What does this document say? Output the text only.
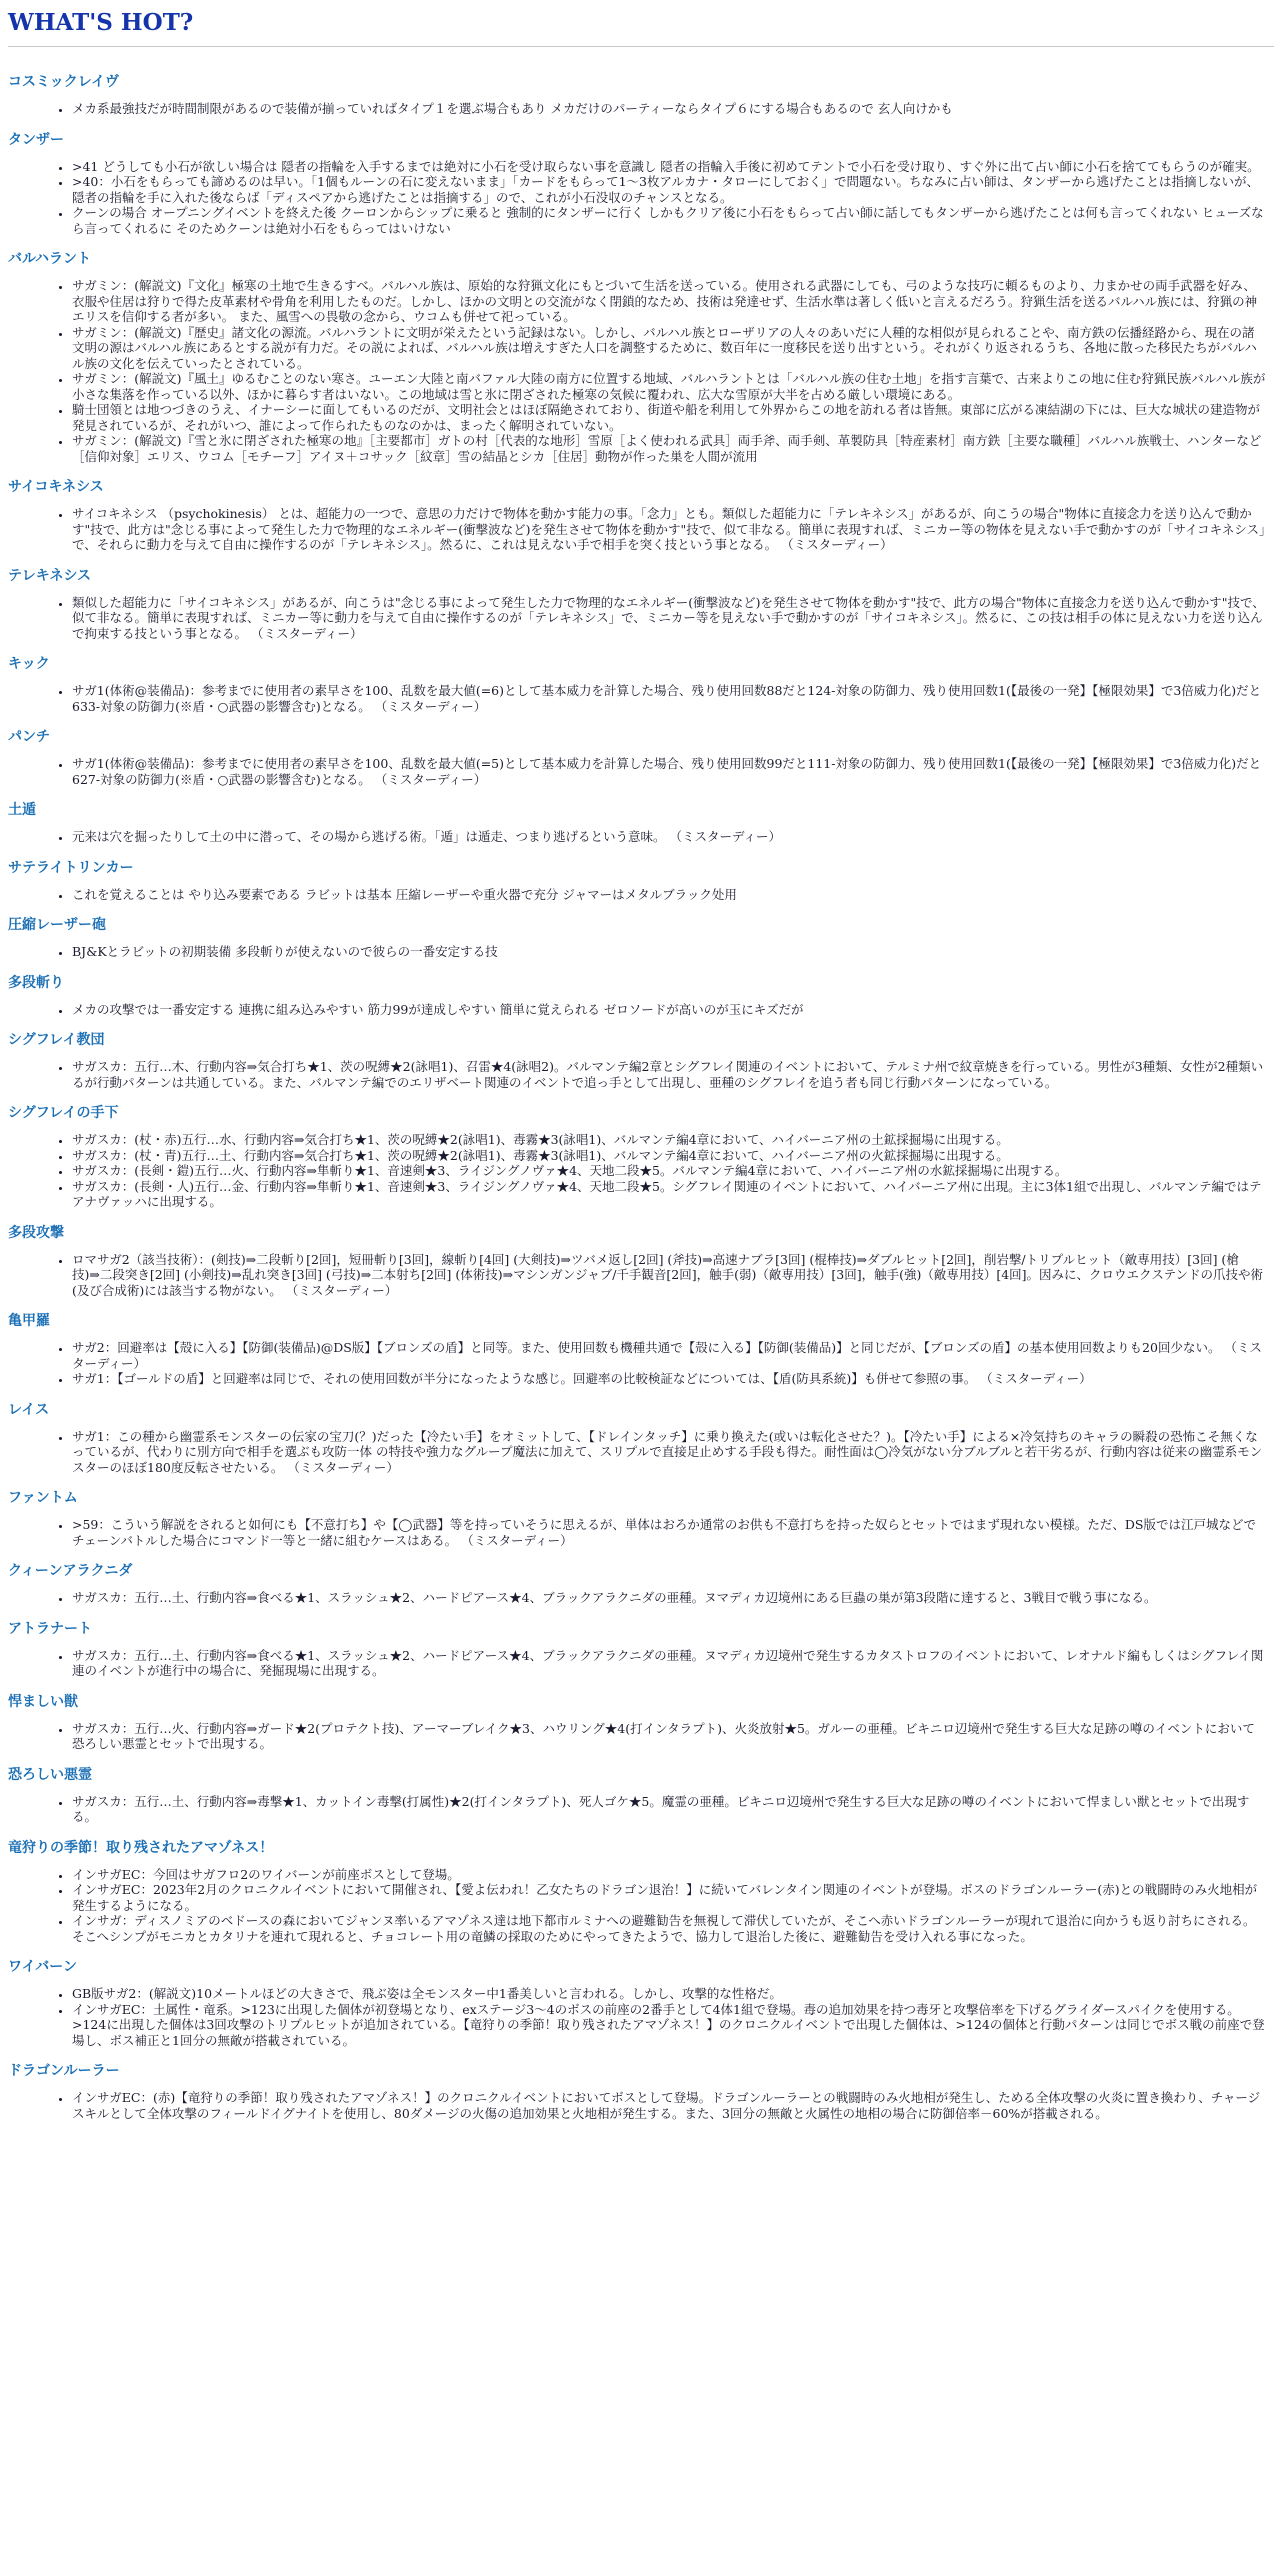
WHAT'S HOT?
コスミックレイヴ
• メカ系最強技だが時間制限があるので装備が揃っていればタイプ１を選ぶ場合もあり メカだけのパーティーならタイプ６にする場合もあるので 玄人向けかも
タンザー
• >41 どうしても小石が欲しい場合は 隠者の指輪を入手するまでは絶対に小石を受け取らない事を意識し 隠者の指輪入手後に初めてテントで小石を受け取り、すぐ外に出て占い師に小石を捨ててもらうのが確実。
• >40：小石をもらっても諦めるのは早い。「1個もルーンの石に変えないまま」「カードをもらって1～3枚アルカナ・タローにしておく」で問題ない。ちなみに占い師は、タンザーから逃げたことは指摘しないが、隠者の指輪を手に入れた後ならば「ディスペアから逃げたことは指摘する」ので、これが小石没収のチャンスとなる。
• クーンの場合 オープニングイベントを終えた後 クーロンからシップに乗ると 強制的にタンザーに行く しかもクリア後に小石をもらって占い師に話してもタンザーから逃げたことは何も言ってくれない ヒューズなら言ってくれるに そのためクーンは絶対小石をもらってはいけない
バルハラント
• サガミン：(解説文)『文化』極寒の土地で生きるすべ。バルハル族は、原始的な狩猟文化にもとづいて生活を送っている。使用される武器にしても、弓のような技巧に頼るものより、力まかせの両手武器を好み、衣服や住居は狩りで得た皮革素材や骨角を利用したものだ。しかし、ほかの文明との交流がなく閉鎖的なため、技術は発達せず、生活水準は著しく低いと言えるだろう。狩猟生活を送るバルハル族には、狩猟の神エリスを信仰する者が多い。 また、風雪への畏敬の念から、ウコムも併せて祀っている。
• サガミン：(解説文)『歴史』諸文化の源流。バルハラントに文明が栄えたという記録はない。しかし、バルハル族とローザリアの人々のあいだに人種的な相似が見られることや、南方鉄の伝播経路から、現在の諸文明の源はバルハル族にあるとする説が有力だ。その説によれば、バルハル族は増えすぎた人口を調整するために、数百年に一度移民を送り出すという。それがくり返されるうち、各地に散った移民たちがバルハル族の文化を伝えていったとされている。
• サガミン：(解説文)『風土』ゆるむことのない寒さ。ユーエン大陸と南バファル大陸の南方に位置する地域、バルハラントとは「バルハル族の住む土地」を指す言葉で、古来よりこの地に住む狩猟民族バルハル族が小さな集落を作っている以外、ほかに暮らす者はいない。この地域は雪と氷に閉ざされた極寒の気候に覆われ、広大な雪原が大半を占める厳しい環境にある。
• 騎士団領とは地つづきのうえ、イナーシーに面してもいるのだが、文明社会とはほぼ隔絶されており、街道や船を利用して外界からこの地を訪れる者は皆無。東部に広がる凍結湖の下には、巨大な城状の建造物が発見されているが、それがいつ、誰によって作られたものなのかは、まったく解明されていない。
• サガミン：(解説文)『雪と氷に閉ざされた極寒の地』［主要都市］ガトの村［代表的な地形］雪原［よく使われる武具］両手斧、両手剣、革製防具［特産素材］南方鉄［主要な職種］バルハル族戦士、ハンターなど［信仰対象］エリス、ウコム［モチーフ］アイヌ＋コサック［紋章］雪の結晶とシカ［住居］動物が作った巣を人間が流用
サイコキネシス
• サイコキネシス （psychokinesis） とは、超能力の一つで、意思の力だけで物体を動かす能力の事。「念力」とも。類似した超能力に「テレキネシス」があるが、向こうの場合"物体に直接念力を送り込んで動かす"技で、此方は"念じる事によって発生した力で物理的なエネルギー(衝撃波など)を発生させて物体を動かす"技で、似て非なる。簡単に表現すれば、ミニカー等の物体を見えない手で動かすのが「サイコキネシス」で、それらに動力を与えて自由に操作するのが「テレキネシス」。然るに、これは見えない手で相手を突く技という事となる。 （ミスターディー）
テレキネシス
• 類似した超能力に「サイコキネシス」があるが、向こうは"念じる事によって発生した力で物理的なエネルギー(衝撃波など)を発生させて物体を動かす"技で、此方の場合"物体に直接念力を送り込んで動かす"技で、似て非なる。簡単に表現すれば、ミニカー等に動力を与えて自由に操作するのが「テレキネシス」で、ミニカー等を見えない手で動かすのが「サイコキネシス」。然るに、この技は相手の体に見えない力を送り込んで拘束する技という事となる。 （ミスターディー）
キック
• サガ1(体術@装備品)：参考までに使用者の素早さを100、乱数を最大値(=6)として基本威力を計算した場合、残り使用回数88だと124-対象の防御力、残り使用回数1(【最後の一発】【極限効果】で3倍威力化)だと633-対象の防御力(※盾・○武器の影響含む)となる。 （ミスターディー）
パンチ
• サガ1(体術@装備品)：参考までに使用者の素早さを100、乱数を最大値(=5)として基本威力を計算した場合、残り使用回数99だと111-対象の防御力、残り使用回数1(【最後の一発】【極限効果】で3倍威力化)だと627-対象の防御力(※盾・○武器の影響含む)となる。 （ミスターディー）
土遁
• 元来は穴を掘ったりして土の中に潜って、その場から逃げる術。「遁」は遁走、つまり逃げるという意味。 （ミスターディー）
サテライトリンカー
• これを覚えることは やり込み要素である ラビットは基本 圧縮レーザーや重火器で充分 ジャマーはメタルブラック处用
圧縮レーザー砲
• BJ&Kとラビットの初期装備 多段斬りが使えないので彼らの一番安定する技
多段斬り
• メカの攻撃では一番安定する 連携に組み込みやすい 筋力99が達成しやすい 簡単に覚えられる ゼロソードが高いのが玉にキズだが
シグフレイ教団
• サガスカ：五行…木、行動内容⇒気合打ち★1、茨の呪縛★2(詠唱1)、召雷★4(詠唱2)。バルマンテ編2章とシグフレイ関連のイベントにおいて、テルミナ州で紋章焼きを行っている。男性が3種類、女性が2種類いるが行動パターンは共通している。また、バルマンテ編でのエリザベート関連のイベントで追っ手として出現し、亜種のシグフレイを追う者も同じ行動パターンになっている。
シグフレイの手下
• サガスカ：(杖・赤)五行…水、行動内容⇒気合打ち★1、茨の呪縛★2(詠唱1)、毒霧★3(詠唱1)、バルマンテ編4章において、ハイバーニア州の土鉱採掘場に出現する。
• サガスカ：(杖・青)五行…土、行動内容⇒気合打ち★1、茨の呪縛★2(詠唱1)、毒霧★3(詠唱1)、バルマンテ編4章において、ハイバーニア州の火鉱採掘場に出現する。
• サガスカ：(長剣・鎧)五行…火、行動内容⇒隼斬り★1、音速剣★3、ライジングノヴァ★4、天地二段★5。バルマンテ編4章において、ハイバーニア州の水鉱採掘場に出現する。
• サガスカ：(長剣・人)五行…金、行動内容⇒隼斬り★1、音速剣★3、ライジングノヴァ★4、天地二段★5。シグフレイ関連のイベントにおいて、ハイバーニア州に出現。主に3体1組で出現し、バルマンテ編ではテアナヴァッハに出現する。
多段攻撃
• ロマサガ2（該当技術）：(剣技)⇒二段斬り[2回]，短冊斬り[3回]，線斬り[4回] (大剣技)⇒ツバメ返し[2回] (斧技)⇒高速ナブラ[3回] (棍棒技)⇒ダブルヒット[2回]，削岩撃/トリプルヒット（敵専用技）[3回] (槍技)⇒二段突き[2回] (小剣技)⇒乱れ突き[3回] (弓技)⇒二本射ち[2回] (体術技)⇒マシンガンジャブ/千手観音[2回]，触手(弱)（敵専用技）[3回]，触手(強)（敵専用技）[4回]。因みに、クロウエクステンドの爪技や術(及び合成術)には該当する物がない。 （ミスターディー）
亀甲羅
• サガ2：回避率は【殻に入る】【防御(装備品)@DS版】【ブロンズの盾】と同等。また、使用回数も機種共通で【殻に入る】【防御(装備品)】と同じだが、【ブロンズの盾】の基本使用回数よりも20回少ない。 （ミスターディー）
• サガ1：【ゴールドの盾】と回避率は同じで、それの使用回数が半分になったような感じ。回避率の比較検証などについては、【盾(防具系統)】も併せて参照の事。 （ミスターディー）
レイス
• サガ1：この種から幽霊系モンスターの伝家の宝刀(？)だった【冷たい手】をオミットして、【ドレインタッチ】に乗り換えた(或いは転化させた？)。【冷たい手】による×冷気持ちのキャラの瞬殺の恐怖こそ無くなっているが、代わりに別方向で相手を選ぶも攻防一体 の特技や強力なグループ魔法に加えて、スリプルで直接足止めする手段も得た。耐性面は◯冷気がない分ブルブルと若干劣るが、行動内容は従来の幽霊系モンスターのほぼ180度反転させたいる。 （ミスターディー）
ファントム
• >59：こういう解説をされると如何にも【不意打ち】や【◯武器】等を持っていそうに思えるが、単体はおろか通常のお供も不意打ちを持った奴らとセットではまず現れない模様。ただ、DS版では江戸城などでチェーンバトルした場合にコマンド一等と一緒に組むケースはある。 （ミスターディー）
クィーンアラクニダ
• サガスカ：五行…土、行動内容⇒食べる★1、スラッシュ★2、ハードピアース★4、ブラックアラクニダの亜種。ヌマディカ辺境州にある巨蟲の巣が第3段階に達すると、3戦目で戦う事になる。
アトラナート
• サガスカ：五行…土、行動内容⇒食べる★1、スラッシュ★2、ハードピアース★4、ブラックアラクニダの亜種。ヌマディカ辺境州で発生するカタストロフのイベントにおいて、レオナルド編もしくはシグフレイ関連のイベントが進行中の場合に、発掘現場に出現する。
悍ましい獣
• サガスカ：五行…火、行動内容⇒ガード★2(プロテクト技)、アーマーブレイク★3、ハウリング★4(打インタラプト)、火炎放射★5。ガルーの亜種。ビキニロ辺境州で発生する巨大な足跡の噂のイベントにおいて恐ろしい悪霊とセットで出現する。
恐ろしい悪霊
• サガスカ：五行…土、行動内容⇒毒撃★1、カットイン毒撃(打属性)★2(打インタラプト)、死人ゴケ★5。魔霊の亜種。ビキニロ辺境州で発生する巨大な足跡の噂のイベントにおいて悍ましい獣とセットで出現する。
竜狩りの季節！取り残されたアマゾネス！
• インサガEC：今回はサガフロ2のワイバーンが前座ボスとして登場。
• インサガEC：2023年2月のクロニクルイベントにおいて開催され、【愛よ伝われ！乙女たちのドラゴン退治！】に続いてバレンタイン関連のイベントが登場。ボスのドラゴンルーラー(赤)との戦闘時のみ火地相が発生するようになる。
• インサガ：ディスノミアのベドースの森においてジャンヌ率いるアマゾネス達は地下都市ルミナへの避難勧告を無視して滞伏していたが、そこへ赤いドラゴンルーラーが現れて退治に向かうも返り討ちにされる。そこへシンプがモニカとカタリナを連れて現れると、チョコレート用の竜鱗の採取のためにやってきたようで、協力して退治した後に、避難勧告を受け入れる事になった。
ワイバーン
• GB版サガ2：(解説文)10メートルほどの大きさで、飛ぶ姿は全モンスター中1番美しいと言われる。しかし、攻撃的な性格だ。
• インサガEC：土属性・竜系。>123に出現した個体が初登場となり、exステージ3～4のボスの前座の2番手として4体1組で登場。毒の追加効果を持つ毒牙と攻撃倍率を下げるグライダースパイクを使用する。>124に出現した個体は3回攻撃のトリプルヒットが追加されている。【竜狩りの季節！取り残されたアマゾネス！】のクロニクルイベントで出現した個体は、>124の個体と行動パターンは同じでボス戦の前座で登場し、ボス補正と1回分の無敵が搭載されている。
ドラゴンルーラー
• インサガEC：(赤)【竜狩りの季節！取り残されたアマゾネス！】のクロニクルイベントにおいてボスとして登場。ドラゴンルーラーとの戦闘時のみ火地相が発生し、ためる全体攻撃の火炎に置き換わり、チャージスキルとして全体攻撃のフィールドイグナイトを使用し、80ダメージの火傷の追加効果と火地相が発生する。また、3回分の無敵と火属性の地相の場合に防御倍率－60%が搭載される。
